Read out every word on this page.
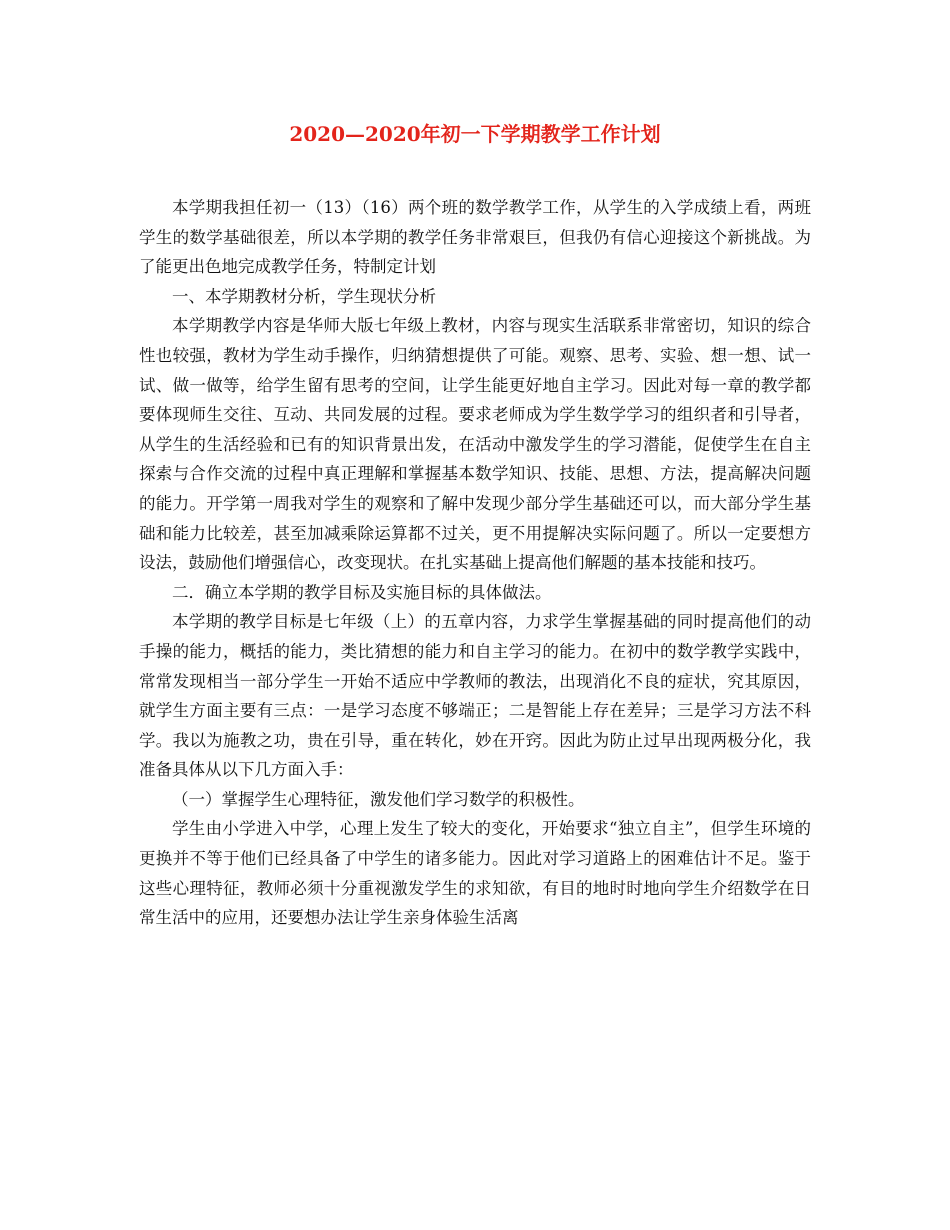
2020—2020年初一下学期教学工作计划

本学期我担任初一（13）（16）两个班的数学教学工作，从学生的入学成绩上看，两班学生的数学基础很差，所以本学期的教学任务非常艰巨，但我仍有信心迎接这个新挑战。为了能更出色地完成教学任务，特制定计划

一、本学期教材分析，学生现状分析

本学期教学内容是华师大版七年级上教材，内容与现实生活联系非常密切，知识的综合性也较强，教材为学生动手操作，归纳猜想提供了可能。观察、思考、实验、想一想、试一试、做一做等，给学生留有思考的空间，让学生能更好地自主学习。因此对每一章的教学都要体现师生交往、互动、共同发展的过程。要求老师成为学生数学学习的组织者和引导者，从学生的生活经验和已有的知识背景出发，在活动中激发学生的学习潜能，促使学生在自主探索与合作交流的过程中真正理解和掌握基本数学知识、技能、思想、方法，提高解决问题的能力。开学第一周我对学生的观察和了解中发现少部分学生基础还可以，而大部分学生基础和能力比较差，甚至加减乘除运算都不过关，更不用提解决实际问题了。所以一定要想方设法，鼓励他们增强信心，改变现状。在扎实基础上提高他们解题的基本技能和技巧。

二．确立本学期的教学目标及实施目标的具体做法。

本学期的教学目标是七年级（上）的五章内容，力求学生掌握基础的同时提高他们的动手操的能力，概括的能力，类比猜想的能力和自主学习的能力。在初中的数学教学实践中，常常发现相当一部分学生一开始不适应中学教师的教法，出现消化不良的症状，究其原因，就学生方面主要有三点：一是学习态度不够端正；二是智能上存在差异；三是学习方法不科学。我以为施教之功，贵在引导，重在转化，妙在开窍。因此为防止过早出现两极分化，我准备具体从以下几方面入手：

（一）掌握学生心理特征，激发他们学习数学的积极性。

学生由小学进入中学，心理上发生了较大的变化，开始要求“独立自主”，但学生环境的更换并不等于他们已经具备了中学生的诸多能力。因此对学习道路上的困难估计不足。鉴于这些心理特征，教师必须十分重视激发学生的求知欲，有目的地时时地向学生介绍数学在日常生活中的应用，还要想办法让学生亲身体验生活离
